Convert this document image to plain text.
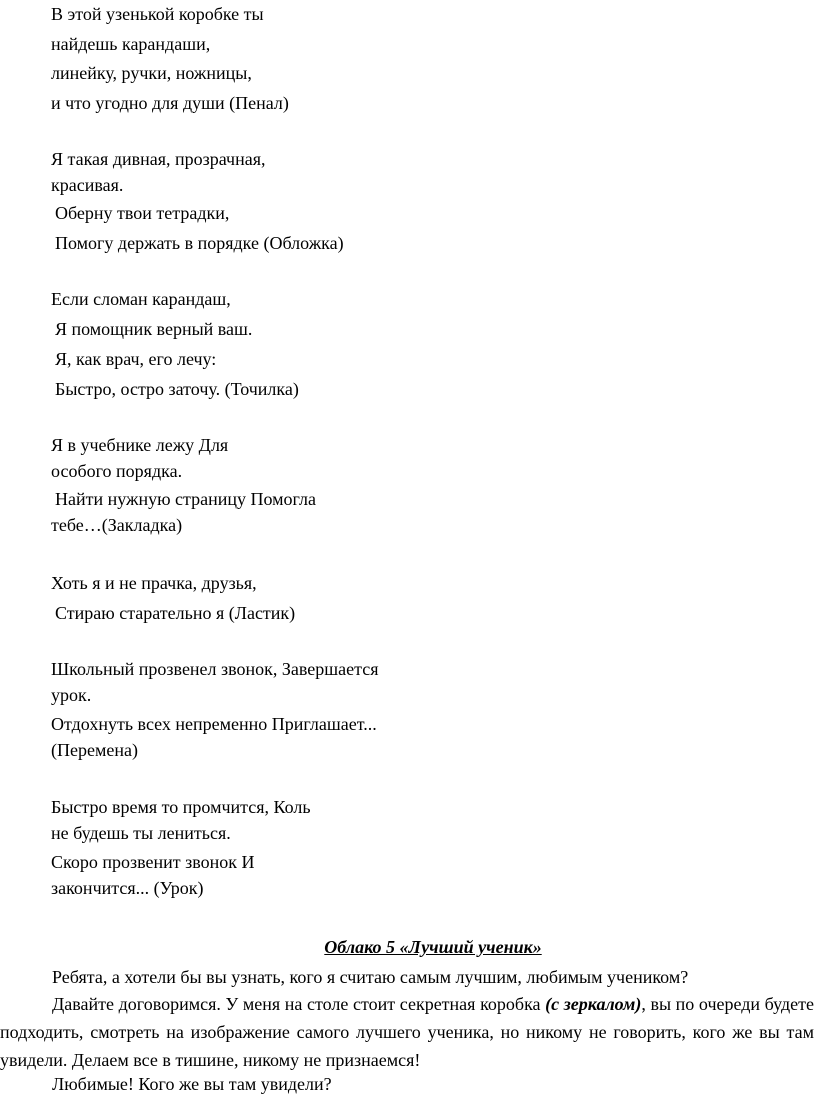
В этой узенькой коробке ты
найдешь карандаши,
линейку, ручки, ножницы,
и что угодно для души (Пенал)
Я такая дивная, прозрачная,
красивая.
Оберну твои тетрадки,
Помогу держать в порядке (Обложка)
Если сломан карандаш,
Я помощник верный ваш.
Я, как врач, его лечу:
Быстро, остро заточу. (Точилка)
Я в учебнике лежу Для
особого порядка.
Найти нужную страницу Помогла
тебе…(Закладка)
Хоть я и не прачка, друзья,
Стираю старательно я (Ластик)
Школьный прозвенел звонок, Завершается
урок.
Отдохнуть всех непременно Приглашает...
(Перемена)
Быстро время то промчится, Коль
не будешь ты лениться.
Скоро прозвенит звонок И
закончится... (Урок)
Облако 5 «Лучший ученик»
Ребята, а хотели бы вы узнать, кого я считаю самым лучшим, любимым учеником?
Давайте договоримся. У меня на столе стоит секретная коробка (с зеркалом), вы по очереди будете подходить, смотреть на изображение самого лучшего ученика, но никому не говорить, кого же вы там увидели. Делаем все в тишине, никому не признаемся!
Любимые! Кого же вы там увидели?
